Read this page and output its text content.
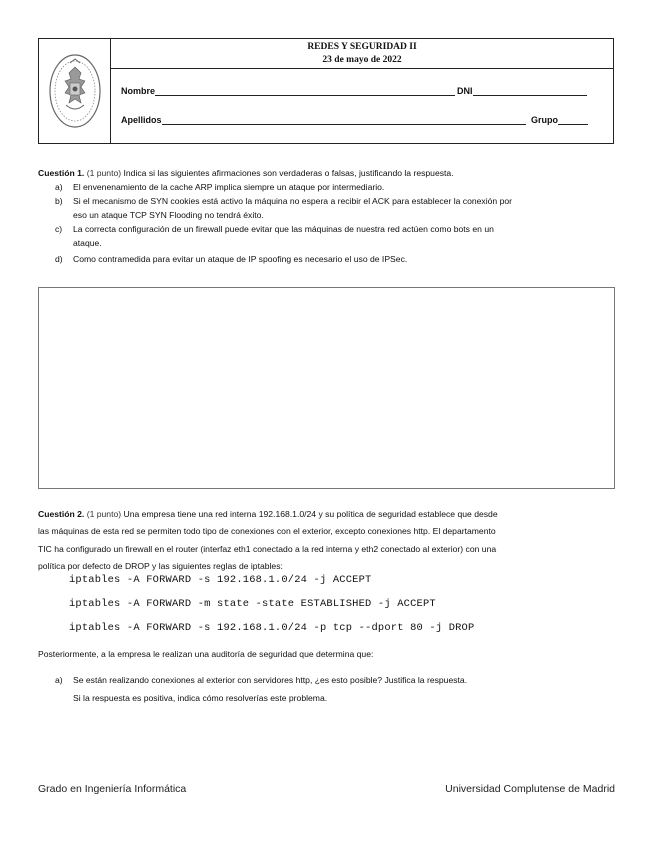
REDES Y SEGURIDAD II
23 de mayo de 2022
Nombre	DNI
Apellidos	Grupo
Cuestión 1. (1 punto) Indica si las siguientes afirmaciones son verdaderas o falsas, justificando la respuesta.
a)	El envenenamiento de la cache ARP implica siempre un ataque por intermediario.
b)	Si el mecanismo de SYN cookies está activo la máquina no espera a recibir el ACK para establecer la conexión por
eso un ataque TCP SYN Flooding no tendrá éxito.
c)	La correcta configuración de un firewall puede evitar que las máquinas de nuestra red actúen como bots en un
ataque.
d)	Como contramedida para evitar un ataque de IP spoofing es necesario el uso de IPSec.
Cuestión 2. (1 punto) Una empresa tiene una red interna 192.168.1.0/24 y su política de seguridad establece que desde
las máquinas de esta red se permiten todo tipo de conexiones con el exterior, excepto conexiones http. El departamento
TIC ha configurado un firewall en el router (interfaz eth1 conectado a la red interna y eth2 conectado al exterior) con una
política por defecto de DROP y las siguientes reglas de iptables:
iptables -A FORWARD -s 192.168.1.0/24 -j ACCEPT
iptables -A FORWARD -m state -state ESTABLISHED -j ACCEPT
iptables -A FORWARD -s 192.168.1.0/24 -p tcp --dport 80 -j DROP
Posteriormente, a la empresa le realizan una auditoría de seguridad que determina que:
a)	Se están realizando conexiones al exterior con servidores http, ¿es esto posible? Justifica la respuesta.
Si la respuesta es positiva, indica cómo resolverías este problema.
Grado en Ingeniería Informática	Universidad Complutense de Madrid
